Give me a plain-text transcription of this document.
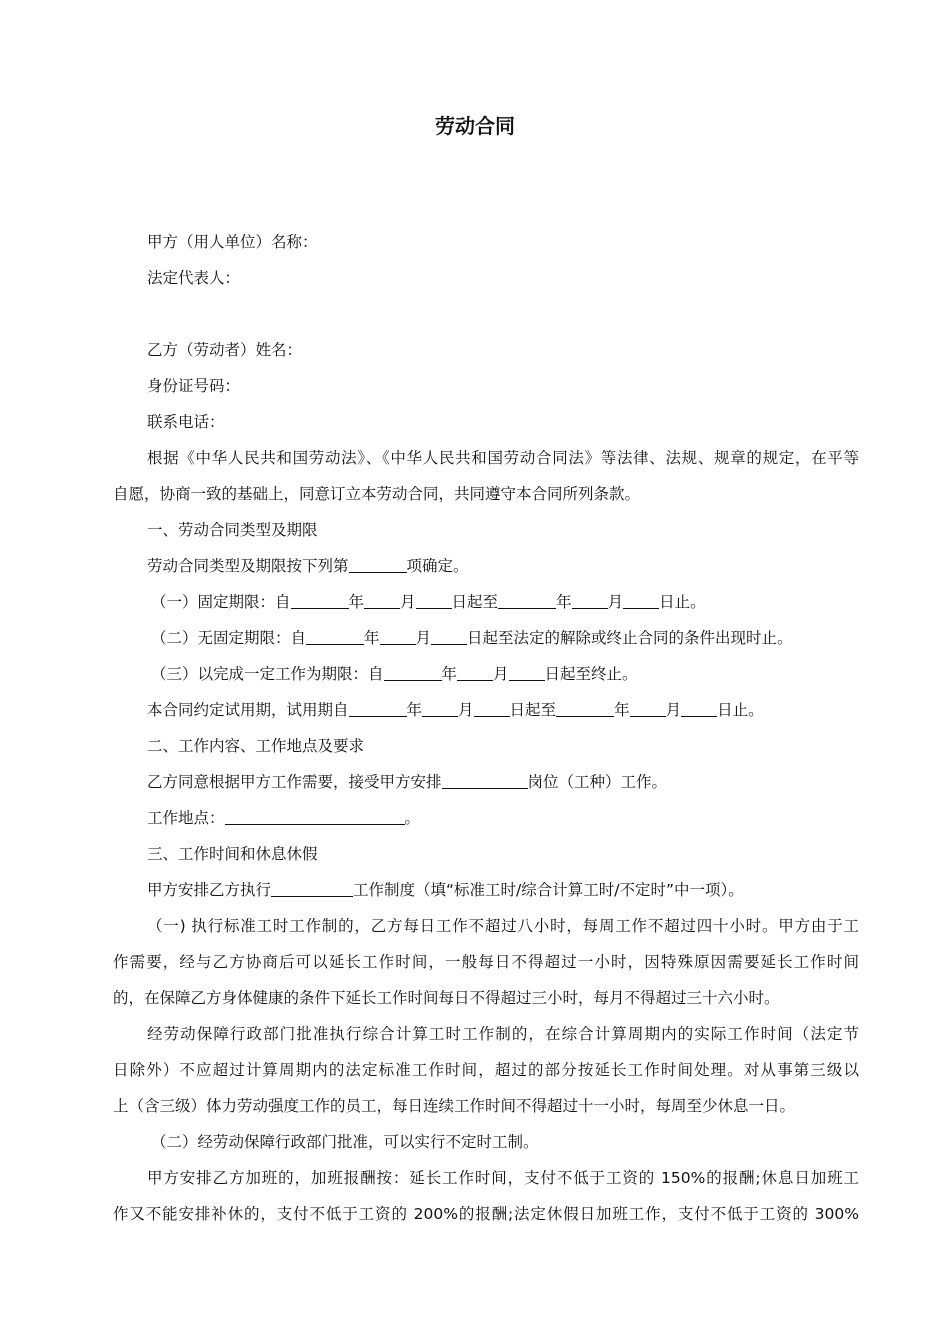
劳动合同
甲方（用人单位）名称：
法定代表人：
乙方（劳动者）姓名：
身份证号码：
联系电话：
根据《中华人民共和国劳动法》、《中华人民共和国劳动合同法》等法律、法规、规章的规定，在平等
自愿，协商一致的基础上，同意订立本劳动合同，共同遵守本合同所列条款。
一、劳动合同类型及期限
劳动合同类型及期限按下列第	项确定。
（一）固定期限：自	年 月 日起至	年 月 日止。
（二）无固定期限：自	年 月 日起至法定的解除或终止合同的条件出现时止。
（三）以完成一定工作为期限：自	年 月 日起至终止。
本合同约定试用期，试用期自	年 月 日起至	年 月 日止。
二、工作内容、工作地点及要求
乙方同意根据甲方工作需要，接受甲方安排	岗位（工种）工作。
工作地点：	。
三、工作时间和休息休假
甲方安排乙方执行	工作制度（填“标准工时/综合计算工时/不定时”中一项）。
（一) 执行标准工时工作制的，乙方每日工作不超过八小时，每周工作不超过四十小时。甲方由于工
作需要，经与乙方协商后可以延长工作时间，一般每日不得超过一小时，因特殊原因需要延长工作时间
的，在保障乙方身体健康的条件下延长工作时间每日不得超过三小时，每月不得超过三十六小时。
经劳动保障行政部门批准执行综合计算工时工作制的，在综合计算周期内的实际工作时间（法定节
日除外）不应超过计算周期内的法定标准工作时间，超过的部分按延长工作时间处理。对从事第三级以
上（含三级）体力劳动强度工作的员工，每日连续工作时间不得超过十一小时，每周至少休息一日。
（二）经劳动保障行政部门批准，可以实行不定时工制。
甲方安排乙方加班的，加班报酬按：延长工作时间，支付不低于工资的 150%的报酬;休息日加班工
作又不能安排补休的，支付不低于工资的 200%的报酬;法定休假日加班工作，支付不低于工资的 300%
